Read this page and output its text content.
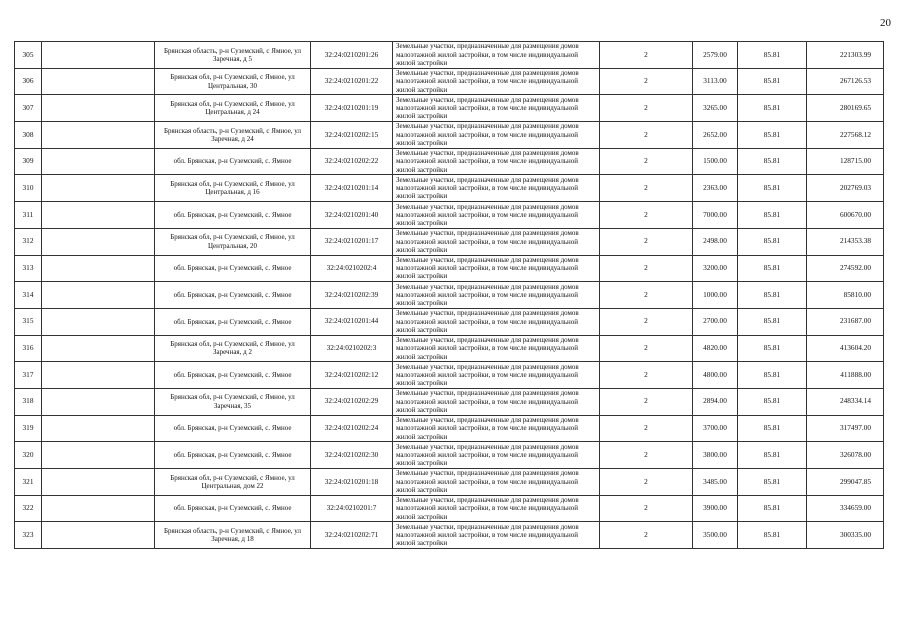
20
305		Брянская область, р-н Суземский, с Ямное, ул Заречная, д 5	32:24:0210201:26	Земельные участки, предназначенные для размещения домов малоэтажной жилой застройки, в том числе индивидуальной жилой застройки	2	2579.00	85.81	221303.99
306		Брянская обл, р-н Суземский, с Ямное, ул Центральная, 30	32:24:0210201:22	Земельные участки, предназначенные для размещения домов малоэтажной жилой застройки, в том числе индивидуальной жилой застройки	2	3113.00	85.81	267126.53
307		Брянская обл, р-н Суземский, с Ямное, ул Центральная, д 24	32:24:0210201:19	Земельные участки, предназначенные для размещения домов малоэтажной жилой застройки, в том числе индивидуальной жилой застройки	2	3265.00	85.81	280169.65
308		Брянская область, р-н Суземский, с Ямное, ул Заречная, д 24	32:24:0210202:15	Земельные участки, предназначенные для размещения домов малоэтажной жилой застройки, в том числе индивидуальной жилой застройки	2	2652.00	85.81	227568.12
309		обл. Брянская, р-н Суземский, с. Ямное	32:24:0210202:22	Земельные участки, предназначенные для размещения домов малоэтажной жилой застройки, в том числе индивидуальной жилой застройки	2	1500.00	85.81	128715.00
310		Брянская обл, р-н Суземский, с Ямное, ул Центральная, д 16	32:24:0210201:14	Земельные участки, предназначенные для размещения домов малоэтажной жилой застройки, в том числе индивидуальной жилой застройки	2	2363.00	85.81	202769.03
311		обл. Брянская, р-н Суземский, с. Ямное	32:24:0210201:40	Земельные участки, предназначенные для размещения домов малоэтажной жилой застройки, в том числе индивидуальной жилой застройки	2	7000.00	85.81	600670.00
312		Брянская обл, р-н Суземский, с Ямное, ул Центральная, 20	32:24:0210201:17	Земельные участки, предназначенные для размещения домов малоэтажной жилой застройки, в том числе индивидуальной жилой застройки	2	2498.00	85.81	214353.38
313		обл. Брянская, р-н Суземский, с. Ямное	32:24:0210202:4	Земельные участки, предназначенные для размещения домов малоэтажной жилой застройки, в том числе индивидуальной жилой застройки	2	3200.00	85.81	274592.00
314		обл. Брянская, р-н Суземский, с. Ямное	32:24:0210202:39	Земельные участки, предназначенные для размещения домов малоэтажной жилой застройки, в том числе индивидуальной жилой застройки	2	1000.00	85.81	85810.00
315		обл. Брянская, р-н Суземский, с. Ямное	32:24:0210201:44	Земельные участки, предназначенные для размещения домов малоэтажной жилой застройки, в том числе индивидуальной жилой застройки	2	2700.00	85.81	231687.00
316		Брянская обл, р-н Суземский, с Ямное, ул Заречная, д 2	32:24:0210202:3	Земельные участки, предназначенные для размещения домов малоэтажной жилой застройки, в том числе индивидуальной жилой застройки	2	4820.00	85.81	413604.20
317		обл. Брянская, р-н Суземский, с. Ямное	32:24:0210202:12	Земельные участки, предназначенные для размещения домов малоэтажной жилой застройки, в том числе индивидуальной жилой застройки	2	4800.00	85.81	411888.00
318		Брянская обл, р-н Суземский, с Ямное, ул Заречная, 35	32:24:0210202:29	Земельные участки, предназначенные для размещения домов малоэтажной жилой застройки, в том числе индивидуальной жилой застройки	2	2894.00	85.81	248334.14
319		обл. Брянская, р-н Суземский, с. Ямное	32:24:0210202:24	Земельные участки, предназначенные для размещения домов малоэтажной жилой застройки, в том числе индивидуальной жилой застройки	2	3700.00	85.81	317497.00
320		обл. Брянская, р-н Суземский, с. Ямное	32:24:0210202:30	Земельные участки, предназначенные для размещения домов малоэтажной жилой застройки, в том числе индивидуальной жилой застройки	2	3800.00	85.81	326078.00
321		Брянская обл, р-н Суземский, с Ямное, ул Центральная, дом 22	32:24:0210201:18	Земельные участки, предназначенные для размещения домов малоэтажной жилой застройки, в том числе индивидуальной жилой застройки	2	3485.00	85.81	299047.85
322		обл. Брянская, р-н Суземский, с. Ямное	32:24:0210201:7	Земельные участки, предназначенные для размещения домов малоэтажной жилой застройки, в том числе индивидуальной жилой застройки	2	3900.00	85.81	334659.00
323		Брянская область, р-н Суземский, с Ямное, ул Заречная, д 18	32:24:0210202:71	Земельные участки, предназначенные для размещения домов малоэтажной жилой застройки, в том числе индивидуальной жилой застройки	2	3500.00	85.81	300335.00
